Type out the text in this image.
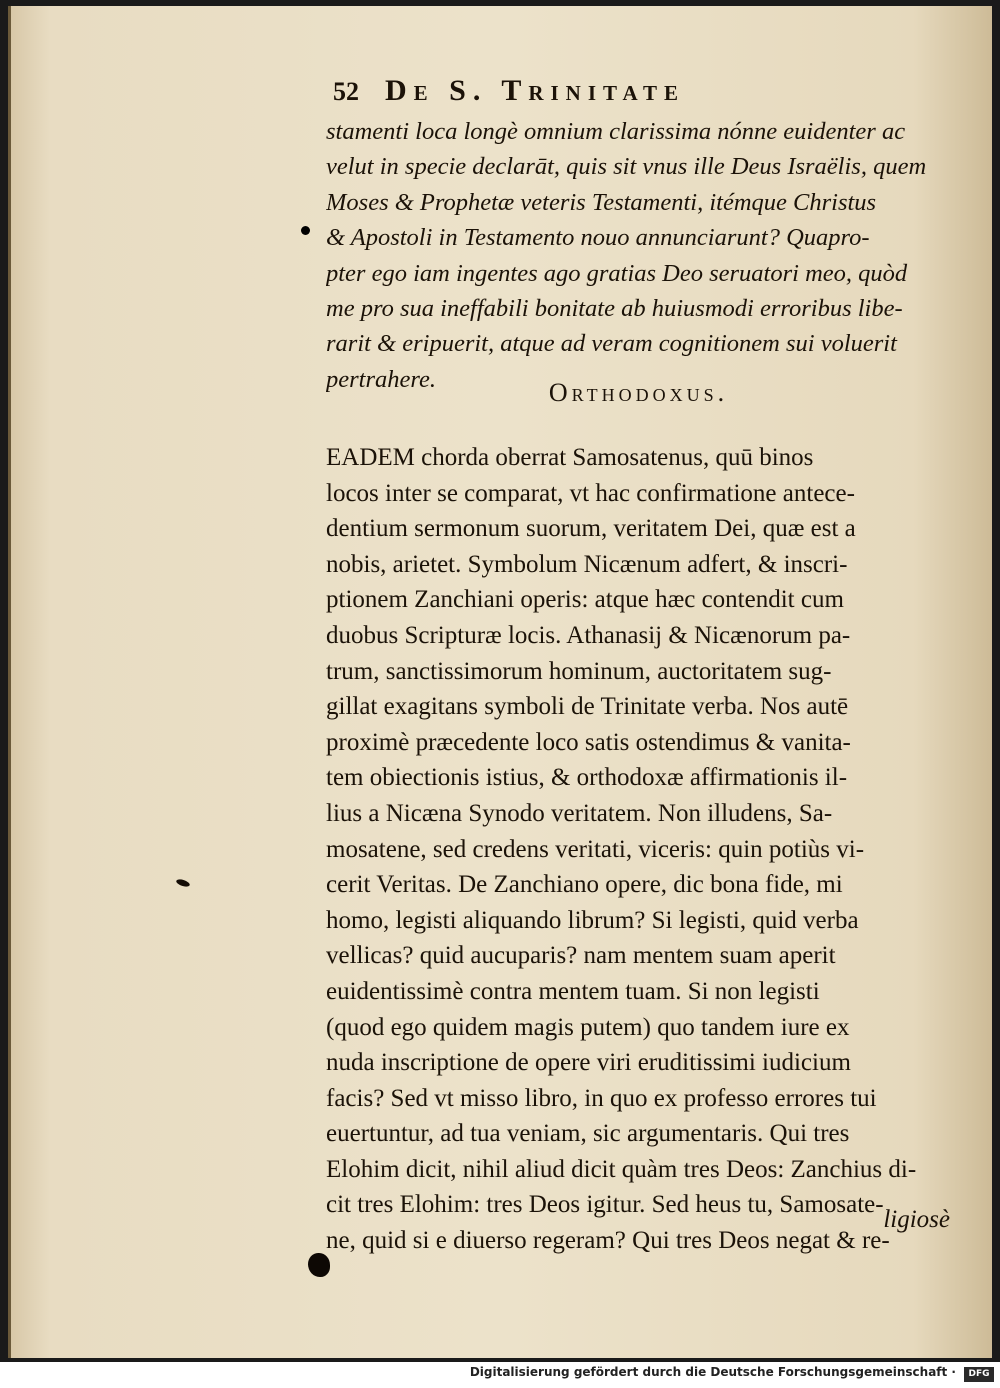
52 De S. Trinitate
stamenti loca longè omnium clarissima nónne euidenter ac
velut in specie declarāt, quis sit vnus ille Deus Israëlis, quem
Moses & Prophetæ veteris Testamenti, itémque Christus
& Apostoli in Testamento nouo annunciarunt? Quapro-
pter ego iam ingentes ago gratias Deo seruatori meo, quòd
me pro sua ineffabili bonitate ab huiusmodi erroribus libe-
rarit & eripuerit, atque ad veram cognitionem sui voluerit
pertrahere.	Orthodoxus.
EADEM chorda oberrat Samosatenus, quū binos
locos inter se comparat, vt hac confirmatione antece-
dentium sermonum suorum, veritatem Dei, quæ est a
nobis, arietet. Symbolum Nicænum adfert, & inscri-
ptionem Zanchiani operis: atque hæc contendit cum
duobus Scripturæ locis. Athanasij & Nicænorum pa-
trum, sanctissimorum hominum, auctoritatem sug-
gillat exagitans symboli de Trinitate verba. Nos autē
proximè præcedente loco satis ostendimus & vanita-
tem obiectionis istius, & orthodoxæ affirmationis il-
lius a Nicæna Synodo veritatem. Non illudens, Sa-
mosatene, sed credens veritati, viceris: quin potiùs vi-
cerit Veritas. De Zanchiano opere, dic bona fide, mi
homo, legisti aliquando librum? Si legisti, quid verba
vellicas? quid aucuparis? nam mentem suam aperit
euidentissimè contra mentem tuam. Si non legisti
(quod ego quidem magis putem) quo tandem iure ex
nuda inscriptione de opere viri eruditissimi iudicium
facis? Sed vt misso libro, in quo ex professo errores tui
euertuntur, ad tua veniam, sic argumentaris. Qui tres
Elohim dicit, nihil aliud dicit quàm tres Deos: Zanchius di-
cit tres Elohim: tres Deos igitur. Sed heus tu, Samosate-
ne, quid si e diuerso regeram? Qui tres Deos negat & re-
ligiosè
Digitalisierung gefördert durch die Deutsche Forschungsgemeinschaft ·	DFG
